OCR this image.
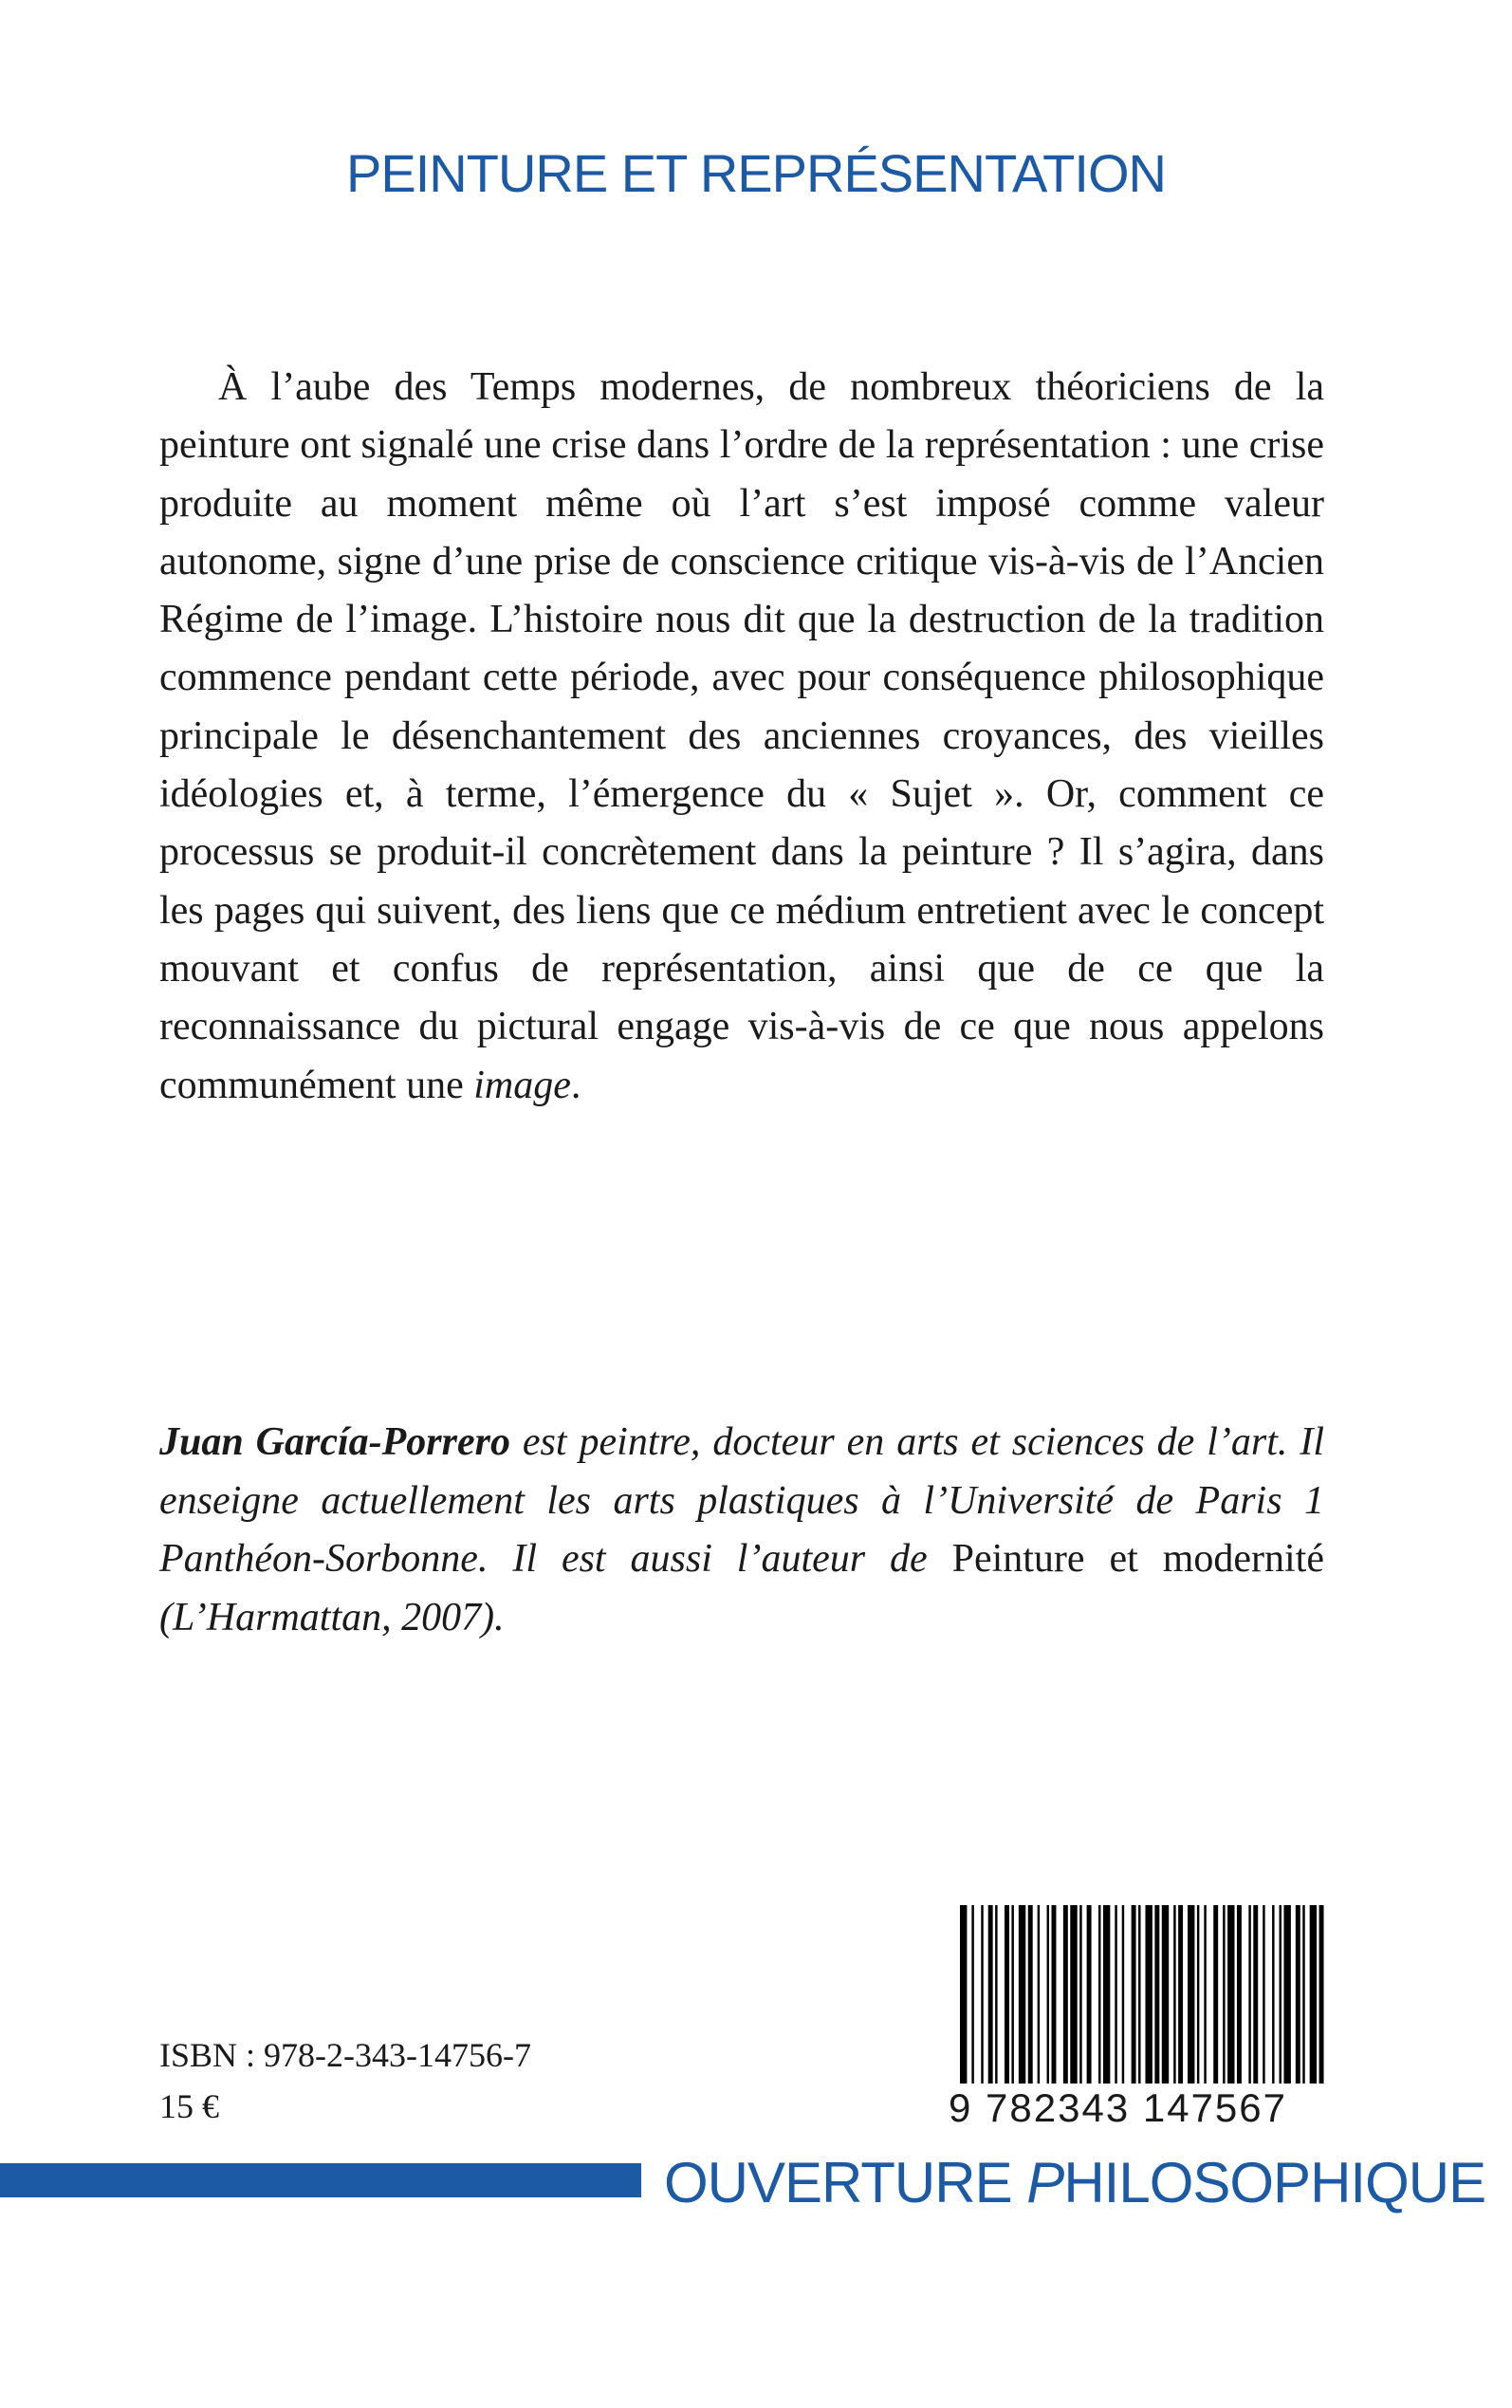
PEINTURE ET REPRÉSENTATION

À l’aube des Temps modernes, de nombreux théoriciens de la peinture ont signalé une crise dans l’ordre de la représentation : une crise produite au moment même où l’art s’est imposé comme valeur autonome, signe d’une prise de conscience critique vis-à-vis de l’Ancien Régime de l’image. L’histoire nous dit que la destruction de la tradition commence pendant cette période, avec pour conséquence philosophique principale le désenchantement des anciennes croyances, des vieilles idéologies et, à terme, l’émergence du « Sujet ». Or, comment ce processus se produit-il concrètement dans la peinture ? Il s’agira, dans les pages qui suivent, des liens que ce médium entretient avec le concept mouvant et confus de représentation, ainsi que de ce que la reconnaissance du pictural engage vis-à-vis de ce que nous appelons communément une image.

Juan García-Porrero est peintre, docteur en arts et sciences de l’art. Il enseigne actuellement les arts plastiques à l’Université de Paris 1 Panthéon-Sorbonne. Il est aussi l’auteur de Peinture et modernité (L’Harmattan, 2007).
ISBN : 978-2-343-14756-7
15 €	9 782343 147567
OUVERTURE PHILOSOPHIQUE
